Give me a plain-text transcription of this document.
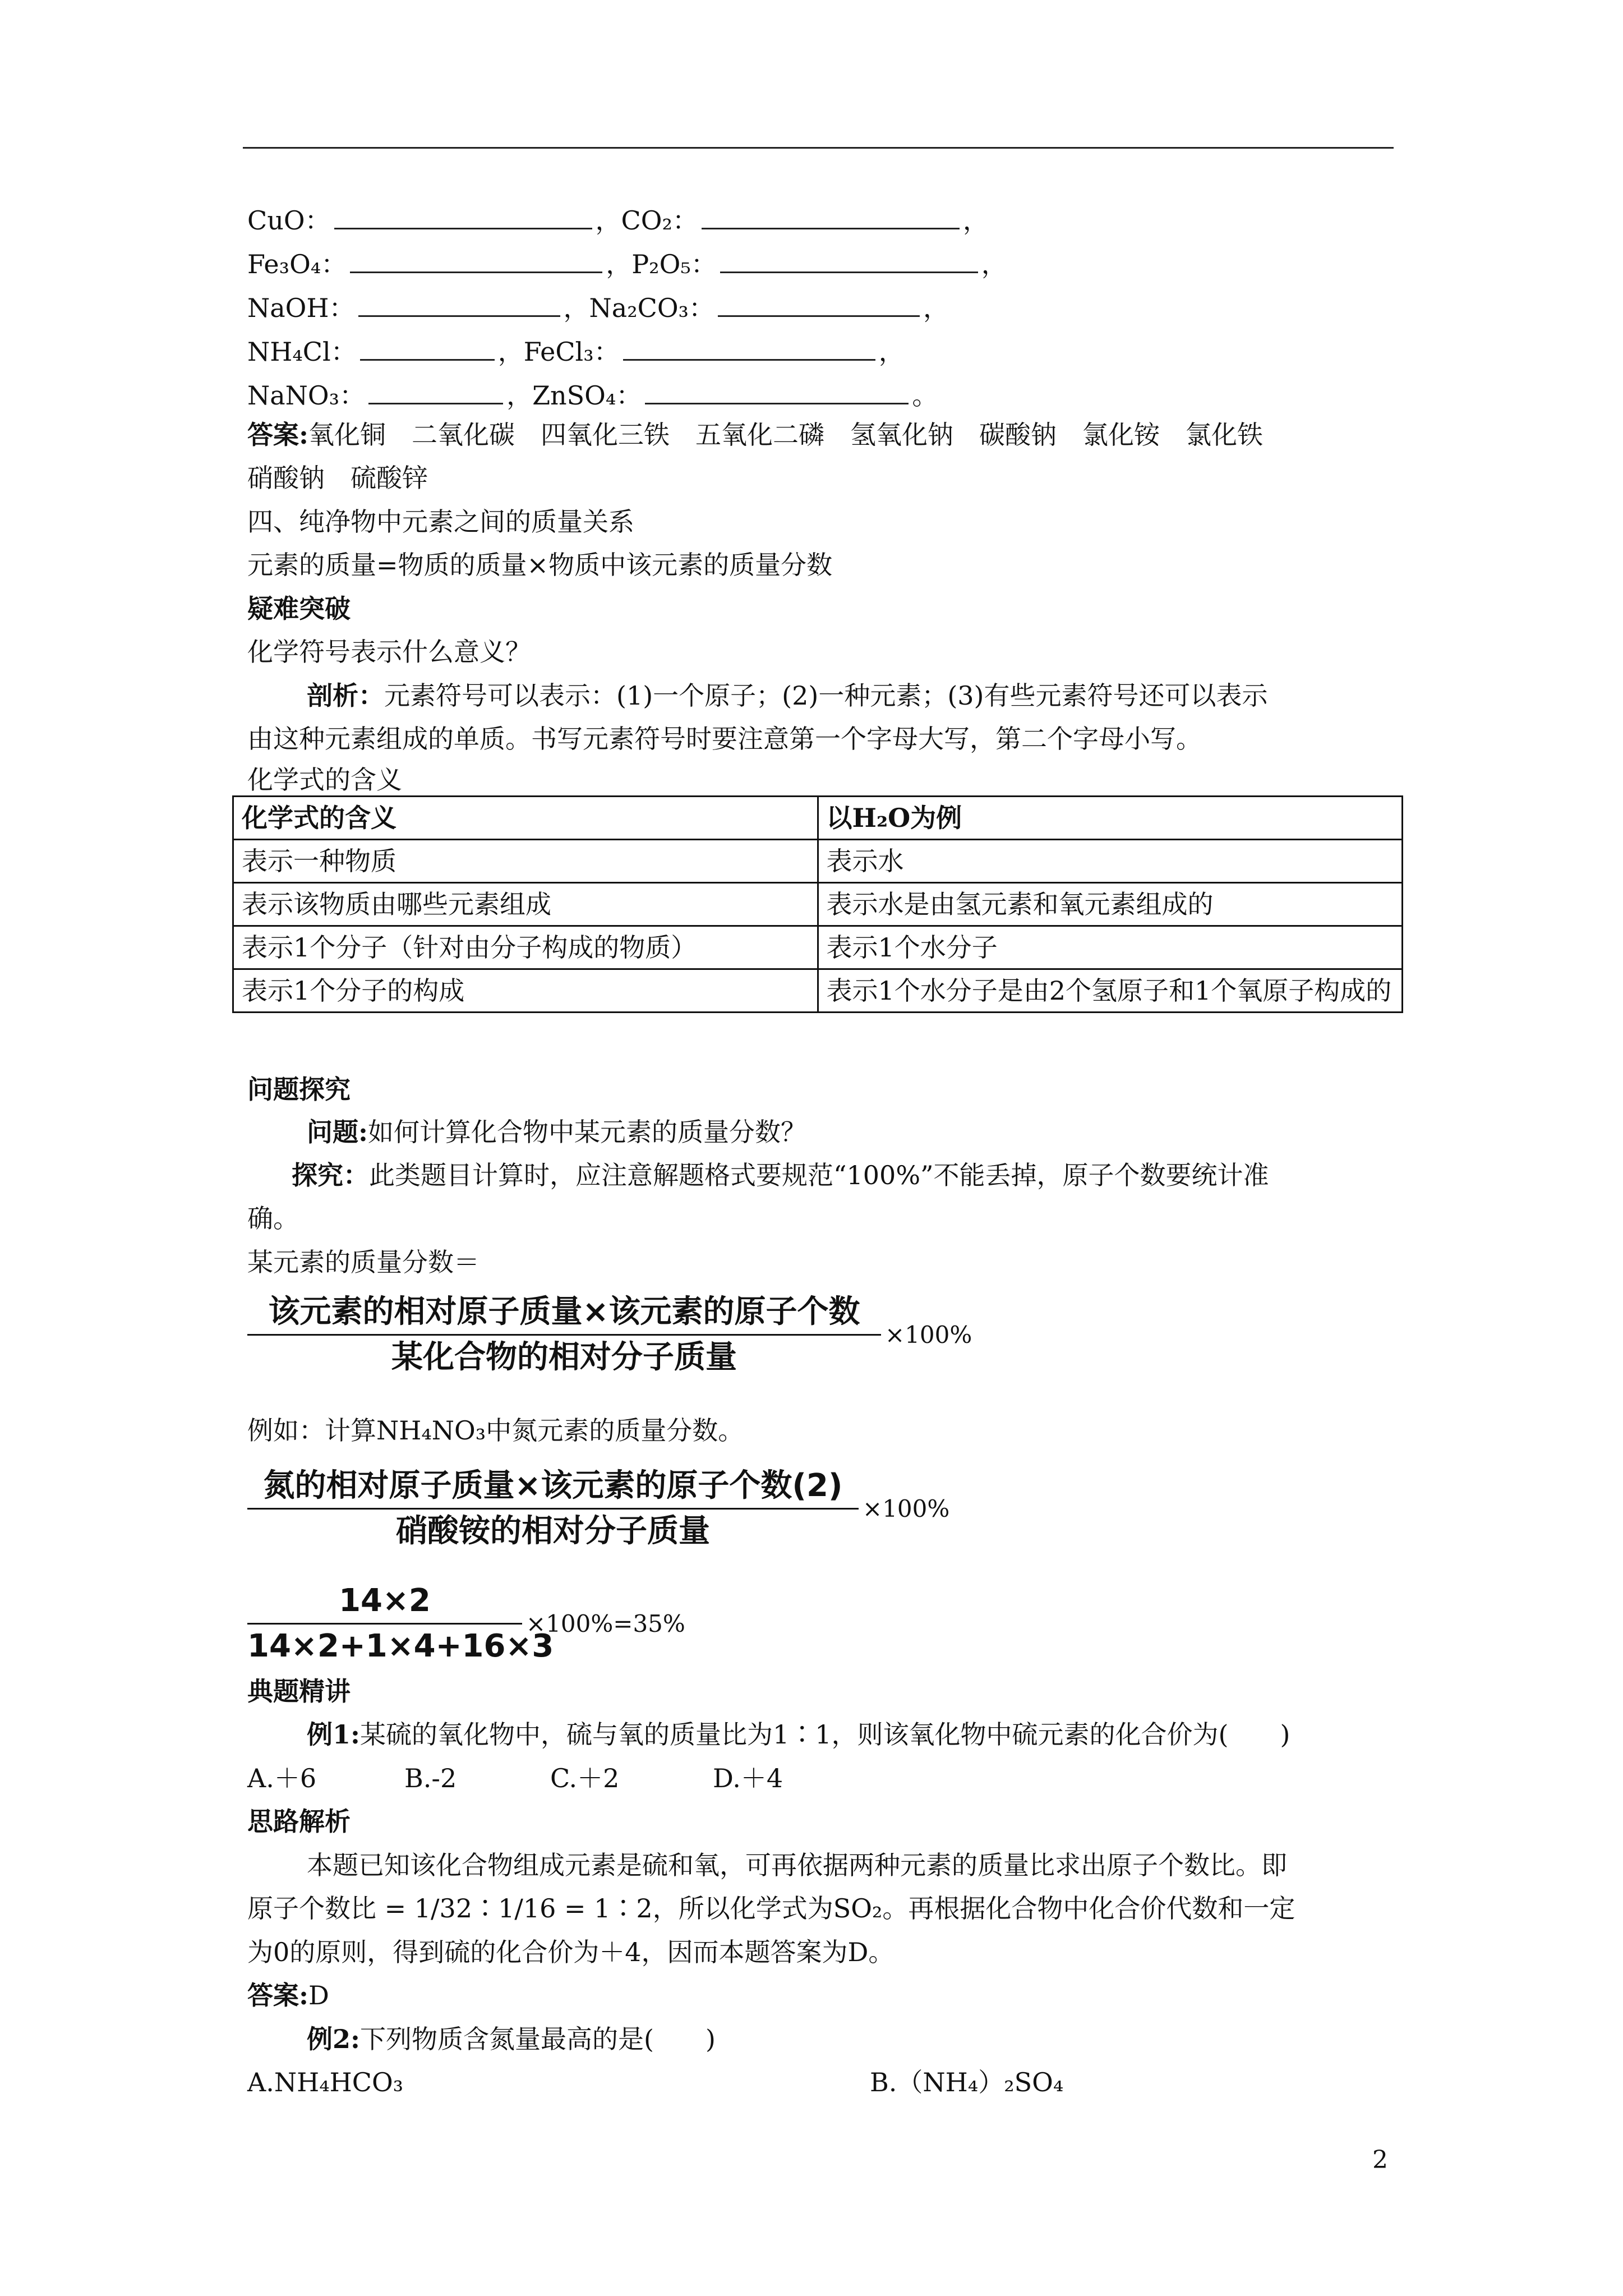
CuO：	，CO₂：	，
Fe₃O₄：	，P₂O₅：	，
NaOH：	，Na₂CO₃：	，
NH₄Cl：	，FeCl₃：	，
NaNO₃：	，ZnSO₄：	。
答案:氧化铜　二氧化碳　四氧化三铁　五氧化二磷　氢氧化钠　碳酸钠　氯化铵　氯化铁
硝酸钠　硫酸锌
四、纯净物中元素之间的质量关系
元素的质量=物质的质量×物质中该元素的质量分数
疑难突破
化学符号表示什么意义？
剖析：元素符号可以表示：(1)一个原子；(2)一种元素；(3)有些元素符号还可以表示
由这种元素组成的单质。书写元素符号时要注意第一个字母大写，第二个字母小写。
化学式的含义
化学式的含义	以H₂O为例
表示一种物质	表示水
表示该物质由哪些元素组成	表示水是由氢元素和氧元素组成的
表示1个分子（针对由分子构成的物质）	表示1个水分子
表示1个分子的构成	表示1个水分子是由2个氢原子和1个氧原子构成的
问题探究
问题:如何计算化合物中某元素的质量分数？
探究：此类题目计算时，应注意解题格式要规范“100%”不能丢掉，原子个数要统计准
确。
某元素的质量分数＝
该元素的相对原子质量×该元素的原子个数
某化合物的相对分子质量
×100%
例如：计算NH₄NO₃中氮元素的质量分数。
氮的相对原子质量×该元素的原子个数(2)
硝酸铵的相对分子质量
×100%
14×2
14×2+1×4+16×3
×100%=35%
典题精讲
例1:某硫的氧化物中，硫与氧的质量比为1∶1，则该氧化物中硫元素的化合价为(　　)
A.＋6	B.-2	C.＋2	D.＋4
思路解析
本题已知该化合物组成元素是硫和氧，可再依据两种元素的质量比求出原子个数比。即
原子个数比 = 1/32∶1/16 = 1∶2，所以化学式为SO₂。再根据化合物中化合价代数和一定
为0的原则，得到硫的化合价为＋4，因而本题答案为D。
答案:D
例2:下列物质含氮量最高的是(　　)
A.NH₄HCO₃	B.（NH₄）₂SO₄
2
